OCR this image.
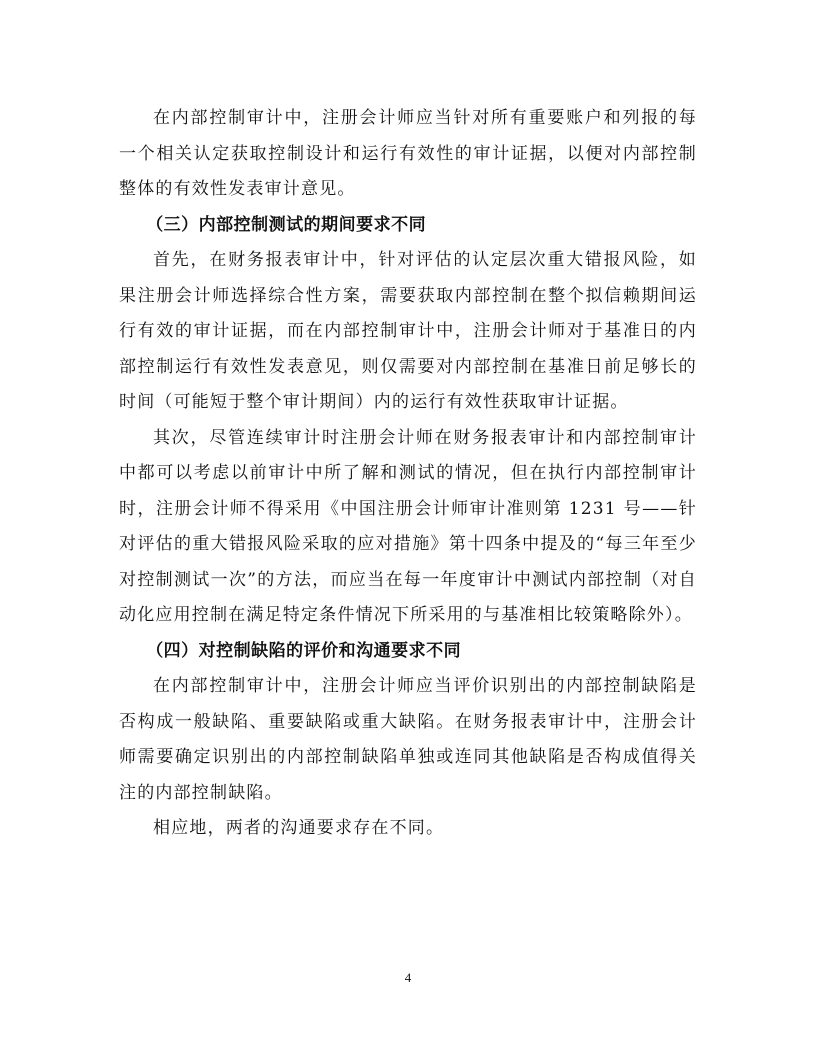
在内部控制审计中，注册会计师应当针对所有重要账户和列报的每一个相关认定获取控制设计和运行有效性的审计证据，以便对内部控制整体的有效性发表审计意见。

（三）内部控制测试的期间要求不同

首先，在财务报表审计中，针对评估的认定层次重大错报风险，如果注册会计师选择综合性方案，需要获取内部控制在整个拟信赖期间运行有效的审计证据，而在内部控制审计中，注册会计师对于基准日的内部控制运行有效性发表意见，则仅需要对内部控制在基准日前足够长的时间（可能短于整个审计期间）内的运行有效性获取审计证据。

其次，尽管连续审计时注册会计师在财务报表审计和内部控制审计中都可以考虑以前审计中所了解和测试的情况，但在执行内部控制审计时，注册会计师不得采用《中国注册会计师审计准则第 1231 号——针对评估的重大错报风险采取的应对措施》第十四条中提及的“每三年至少对控制测试一次”的方法，而应当在每一年度审计中测试内部控制（对自动化应用控制在满足特定条件情况下所采用的与基准相比较策略除外）。

（四）对控制缺陷的评价和沟通要求不同

在内部控制审计中，注册会计师应当评价识别出的内部控制缺陷是否构成一般缺陷、重要缺陷或重大缺陷。在财务报表审计中，注册会计师需要确定识别出的内部控制缺陷单独或连同其他缺陷是否构成值得关注的内部控制缺陷。

相应地，两者的沟通要求存在不同。

4
